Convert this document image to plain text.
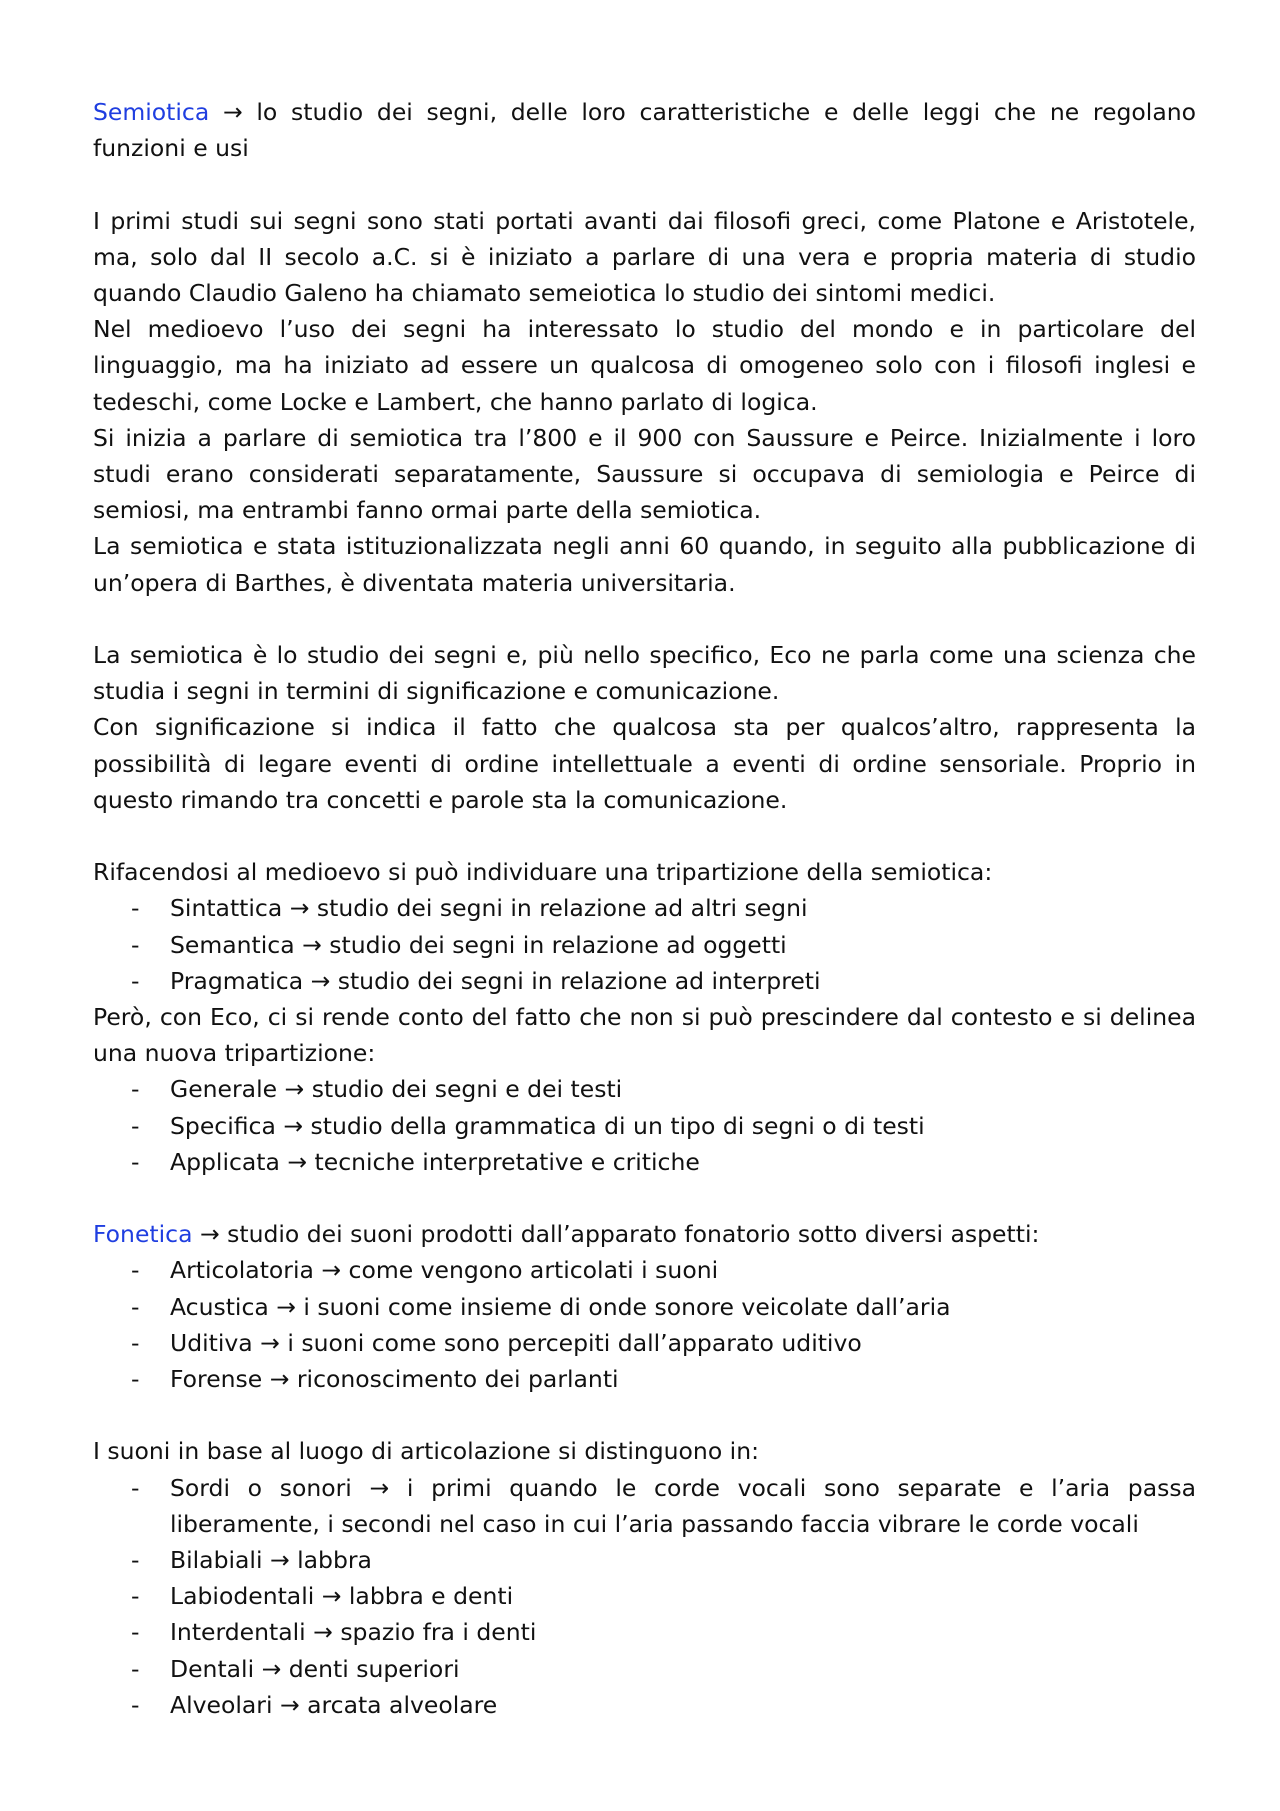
Semiotica → lo studio dei segni, delle loro caratteristiche e delle leggi che ne regolano funzioni e usi

I primi studi sui segni sono stati portati avanti dai filosofi greci, come Platone e Aristotele, ma, solo dal II secolo a.C. si è iniziato a parlare di una vera e propria materia di studio quando Claudio Galeno ha chiamato semeiotica lo studio dei sintomi medici.

Nel medioevo l’uso dei segni ha interessato lo studio del mondo e in particolare del linguaggio, ma ha iniziato ad essere un qualcosa di omogeneo solo con i filosofi inglesi e tedeschi, come Locke e Lambert, che hanno parlato di logica.

Si inizia a parlare di semiotica tra l’800 e il 900 con Saussure e Peirce. Inizialmente i loro studi erano considerati separatamente, Saussure si occupava di semiologia e Peirce di semiosi, ma entrambi fanno ormai parte della semiotica.

La semiotica e stata istituzionalizzata negli anni 60 quando, in seguito alla pubblicazione di un’opera di Barthes, è diventata materia universitaria.

La semiotica è lo studio dei segni e, più nello specifico, Eco ne parla come una scienza che studia i segni in termini di significazione e comunicazione.

Con significazione si indica il fatto che qualcosa sta per qualcos’altro, rappresenta la possibilità di legare eventi di ordine intellettuale a eventi di ordine sensoriale. Proprio in questo rimando tra concetti e parole sta la comunicazione.

Rifacendosi al medioevo si può individuare una tripartizione della semiotica:

- Sintattica → studio dei segni in relazione ad altri segni
- Semantica → studio dei segni in relazione ad oggetti
- Pragmatica → studio dei segni in relazione ad interpreti

Però, con Eco, ci si rende conto del fatto che non si può prescindere dal contesto e si delinea una nuova tripartizione:

- Generale → studio dei segni e dei testi
- Specifica → studio della grammatica di un tipo di segni o di testi
- Applicata → tecniche interpretative e critiche

Fonetica → studio dei suoni prodotti dall’apparato fonatorio sotto diversi aspetti:

- Articolatoria → come vengono articolati i suoni
- Acustica → i suoni come insieme di onde sonore veicolate dall’aria
- Uditiva → i suoni come sono percepiti dall’apparato uditivo
- Forense → riconoscimento dei parlanti

I suoni in base al luogo di articolazione si distinguono in:

- Sordi o sonori → i primi quando le corde vocali sono separate e l’aria passa liberamente, i secondi nel caso in cui l’aria passando faccia vibrare le corde vocali
- Bilabiali → labbra
- Labiodentali → labbra e denti
- Interdentali → spazio fra i denti
- Dentali → denti superiori
- Alveolari → arcata alveolare
